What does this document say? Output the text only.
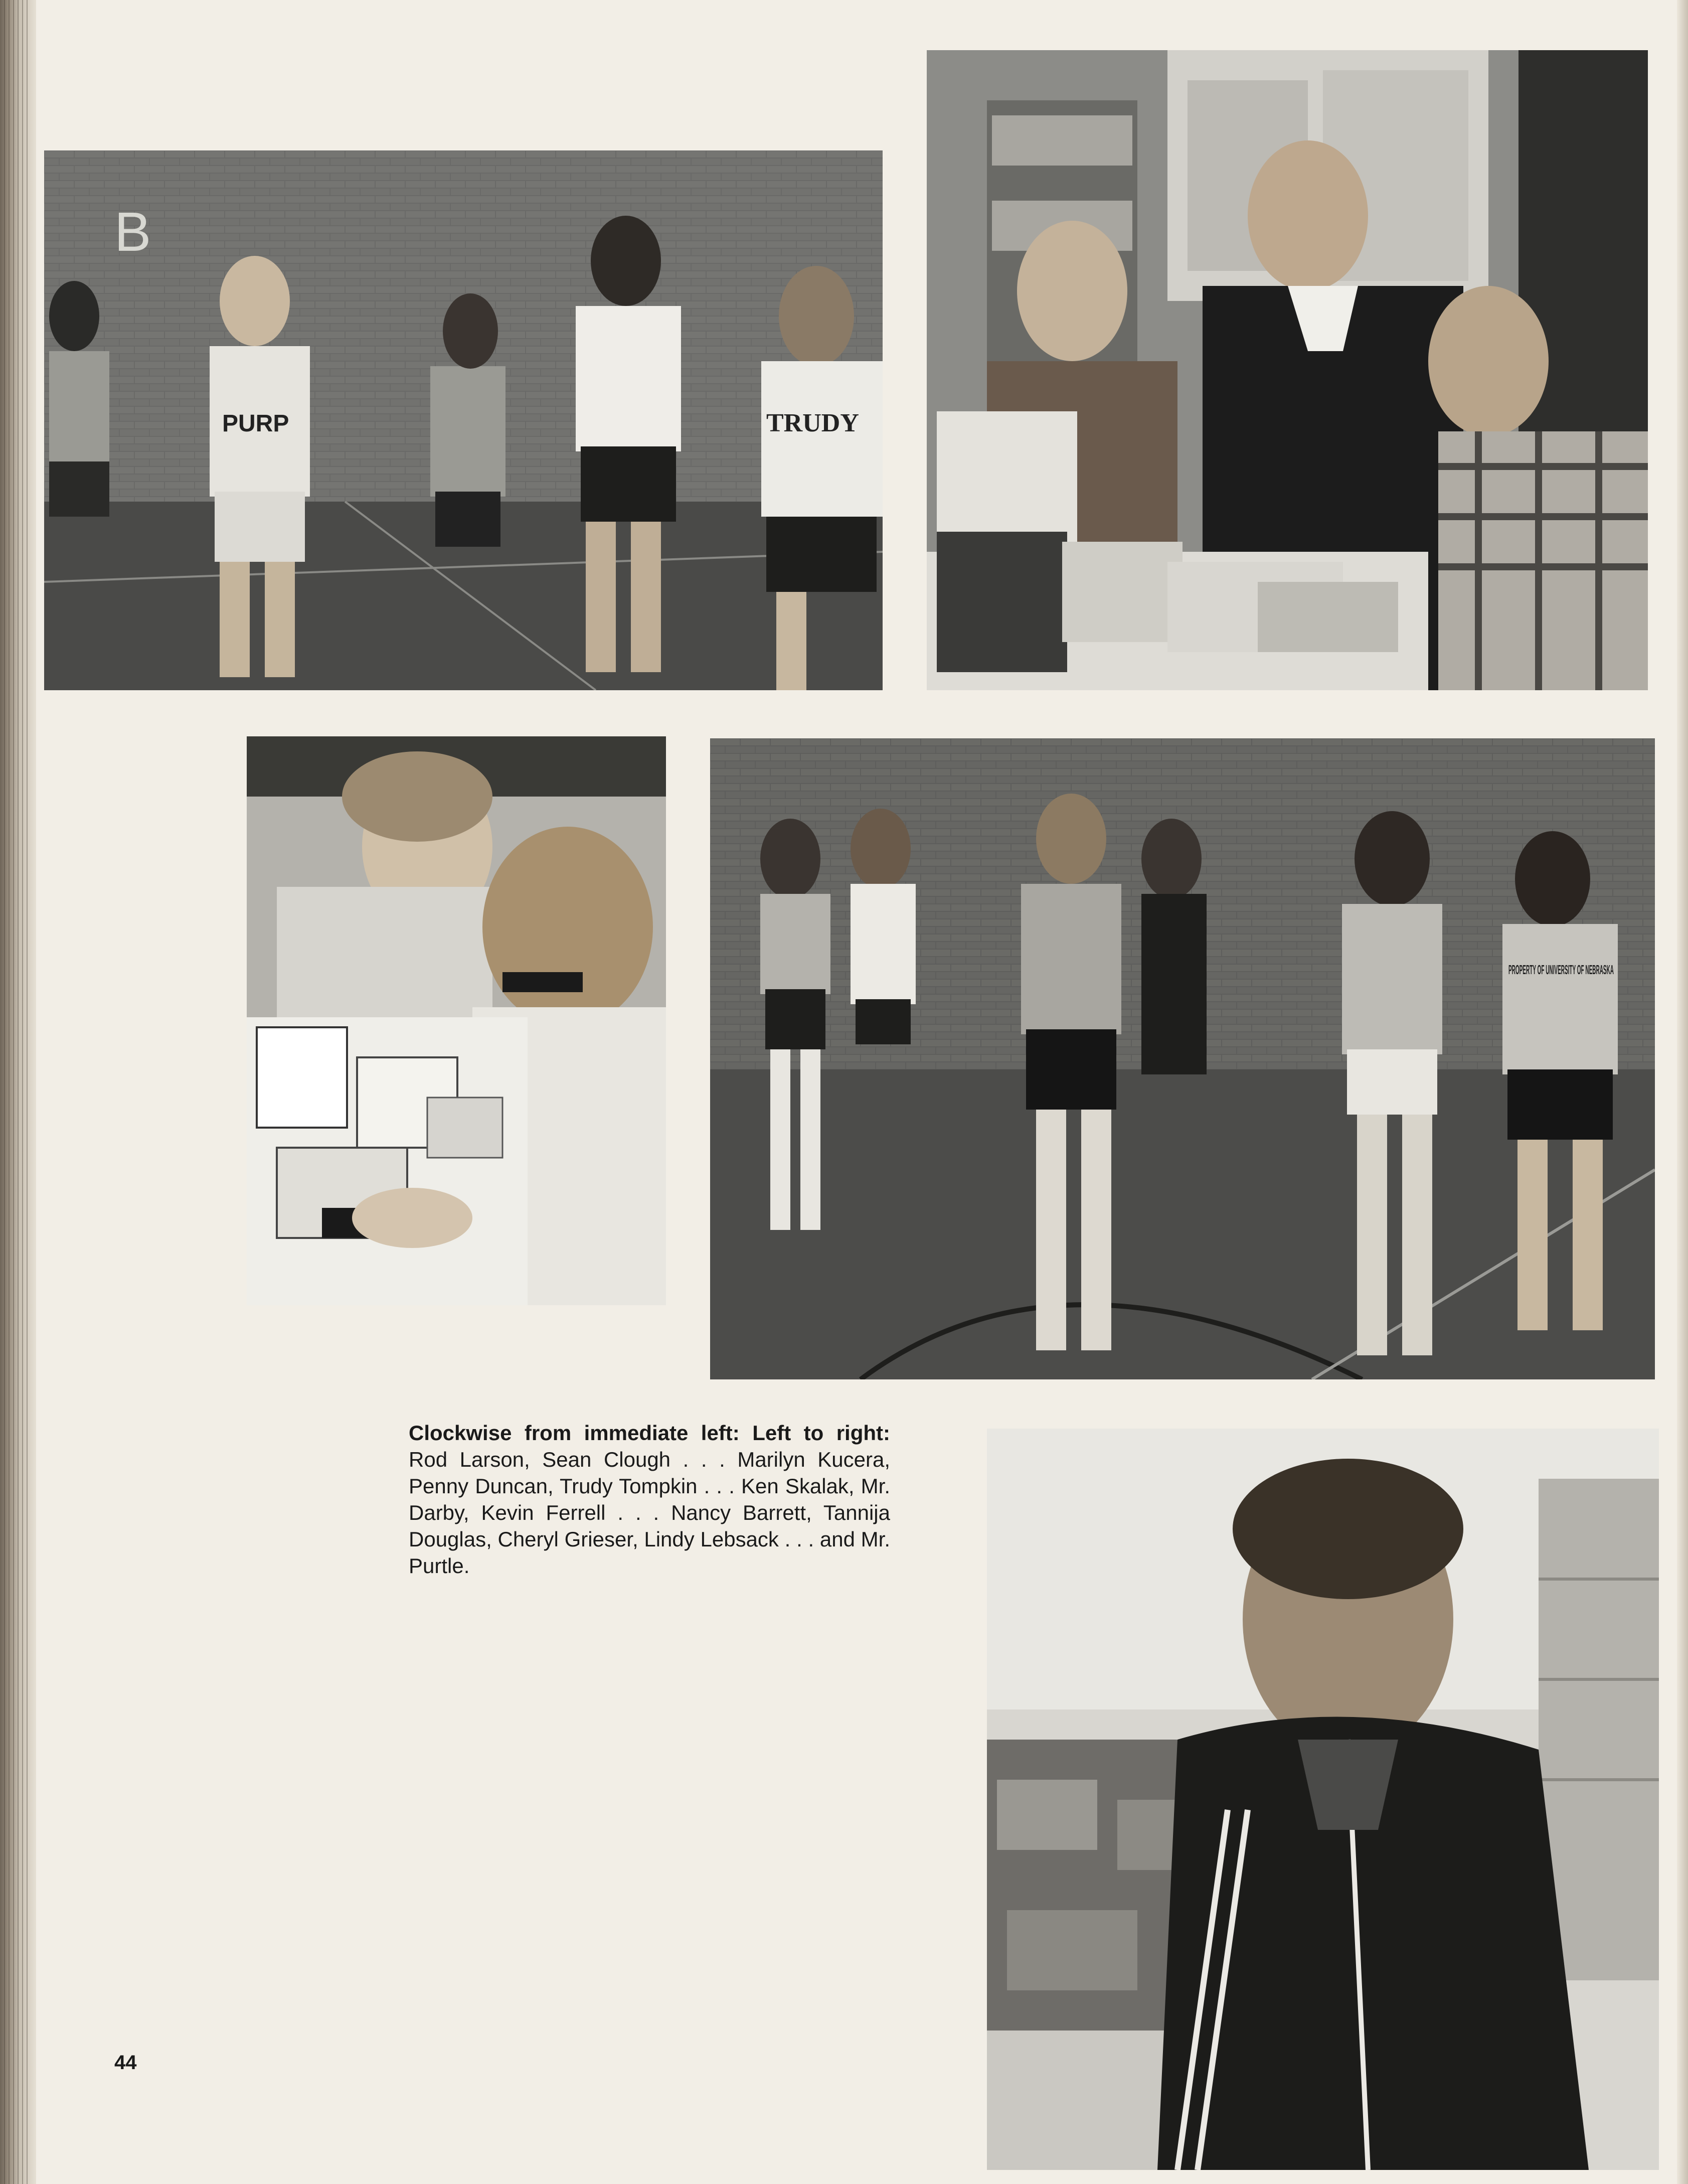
B
PURP	TRUDY
PROPERTY OF UNIVERSITY OF NEBRASKA
Clockwise from immediate left: Left to right: Rod Larson, Sean Clough . . . Marilyn Kucera, Penny Duncan, Trudy Tompkin . . . Ken Skalak, Mr. Darby, Kevin Ferrell . . . Nancy Barrett, Tannija Douglas, Cheryl Grieser, Lindy Lebsack . . . and Mr. Purtle.
44
